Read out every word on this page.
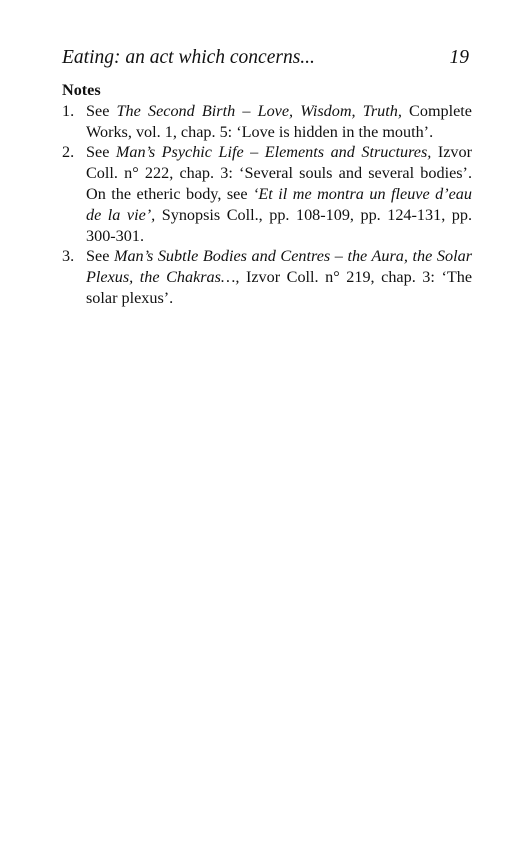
Eating: an act which concerns...	19

Notes

1. See The Second Birth – Love, Wisdom, Truth, Complete Works, vol. 1, chap. 5: ‘Love is hidden in the mouth’.

2. See Man’s Psychic Life – Elements and Structures, Izvor Coll. n° 222, chap. 3: ‘Several souls and several bodies’. On the etheric body, see ‘Et il me montra un fleuve d’eau de la vie’, Synopsis Coll., pp. 108-109, pp. 124-131, pp. 300-301.

3. See Man’s Subtle Bodies and Centres – the Aura, the Solar Plexus, the Chakras…, Izvor Coll. n° 219, chap. 3: ‘The solar plexus’.
